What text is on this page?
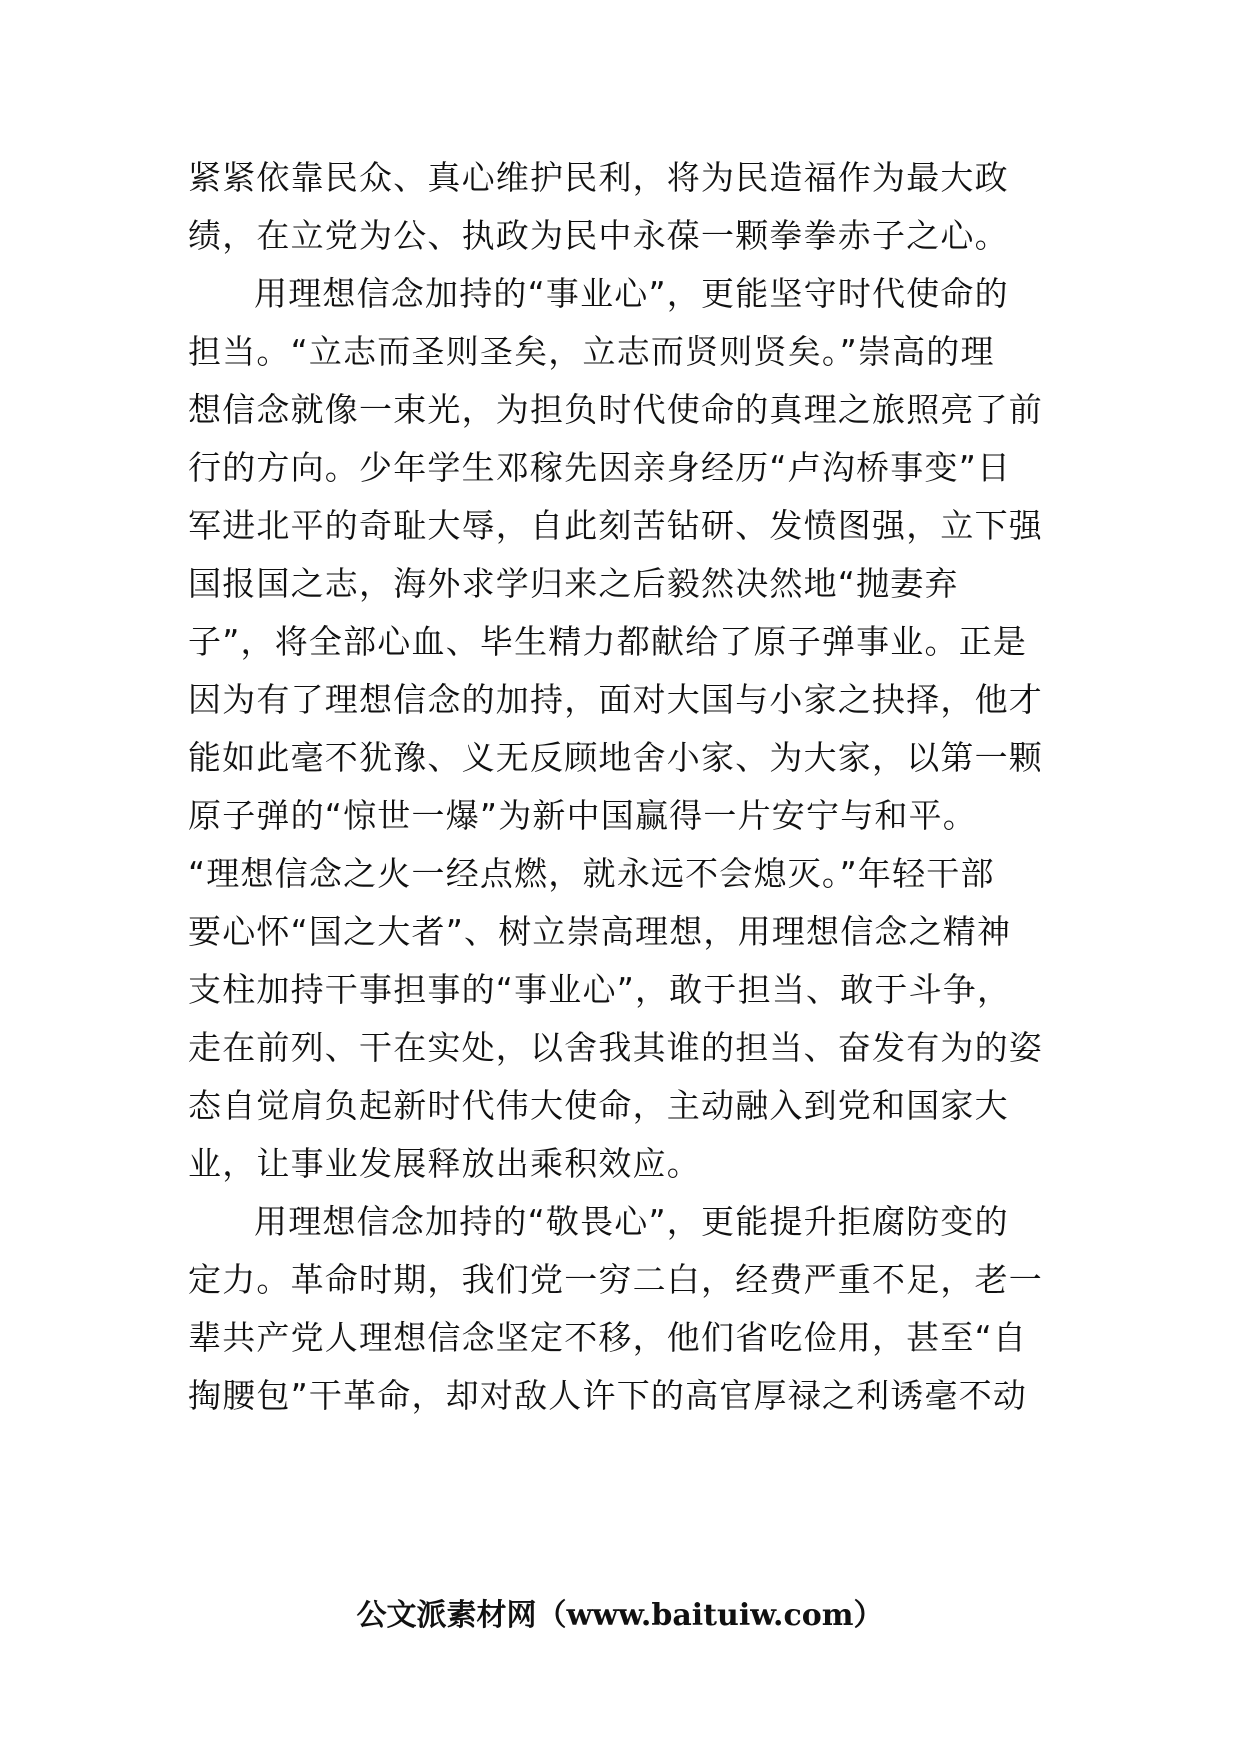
紧紧依靠民众、真心维护民利，将为民造福作为最大政
绩，在立党为公、执政为民中永葆一颗拳拳赤子之心。
用理想信念加持的“事业心”，更能坚守时代使命的
担当。“立志而圣则圣矣，立志而贤则贤矣。”崇高的理
想信念就像一束光，为担负时代使命的真理之旅照亮了前
行的方向。少年学生邓稼先因亲身经历“卢沟桥事变”日
军进北平的奇耻大辱，自此刻苦钻研、发愤图强，立下强
国报国之志，海外求学归来之后毅然决然地“抛妻弃
子”，将全部心血、毕生精力都献给了原子弹事业。正是
因为有了理想信念的加持，面对大国与小家之抉择，他才
能如此毫不犹豫、义无反顾地舍小家、为大家，以第一颗
原子弹的“惊世一爆”为新中国赢得一片安宁与和平。
“理想信念之火一经点燃，就永远不会熄灭。”年轻干部
要心怀“国之大者”、树立崇高理想，用理想信念之精神
支柱加持干事担事的“事业心”，敢于担当、敢于斗争，
走在前列、干在实处，以舍我其谁的担当、奋发有为的姿
态自觉肩负起新时代伟大使命，主动融入到党和国家大
业，让事业发展释放出乘积效应。
用理想信念加持的“敬畏心”，更能提升拒腐防变的
定力。革命时期，我们党一穷二白，经费严重不足，老一
辈共产党人理想信念坚定不移，他们省吃俭用，甚至“自
掏腰包”干革命，却对敌人许下的高官厚禄之利诱毫不动
公文派素材网（www.baituiw.com）
